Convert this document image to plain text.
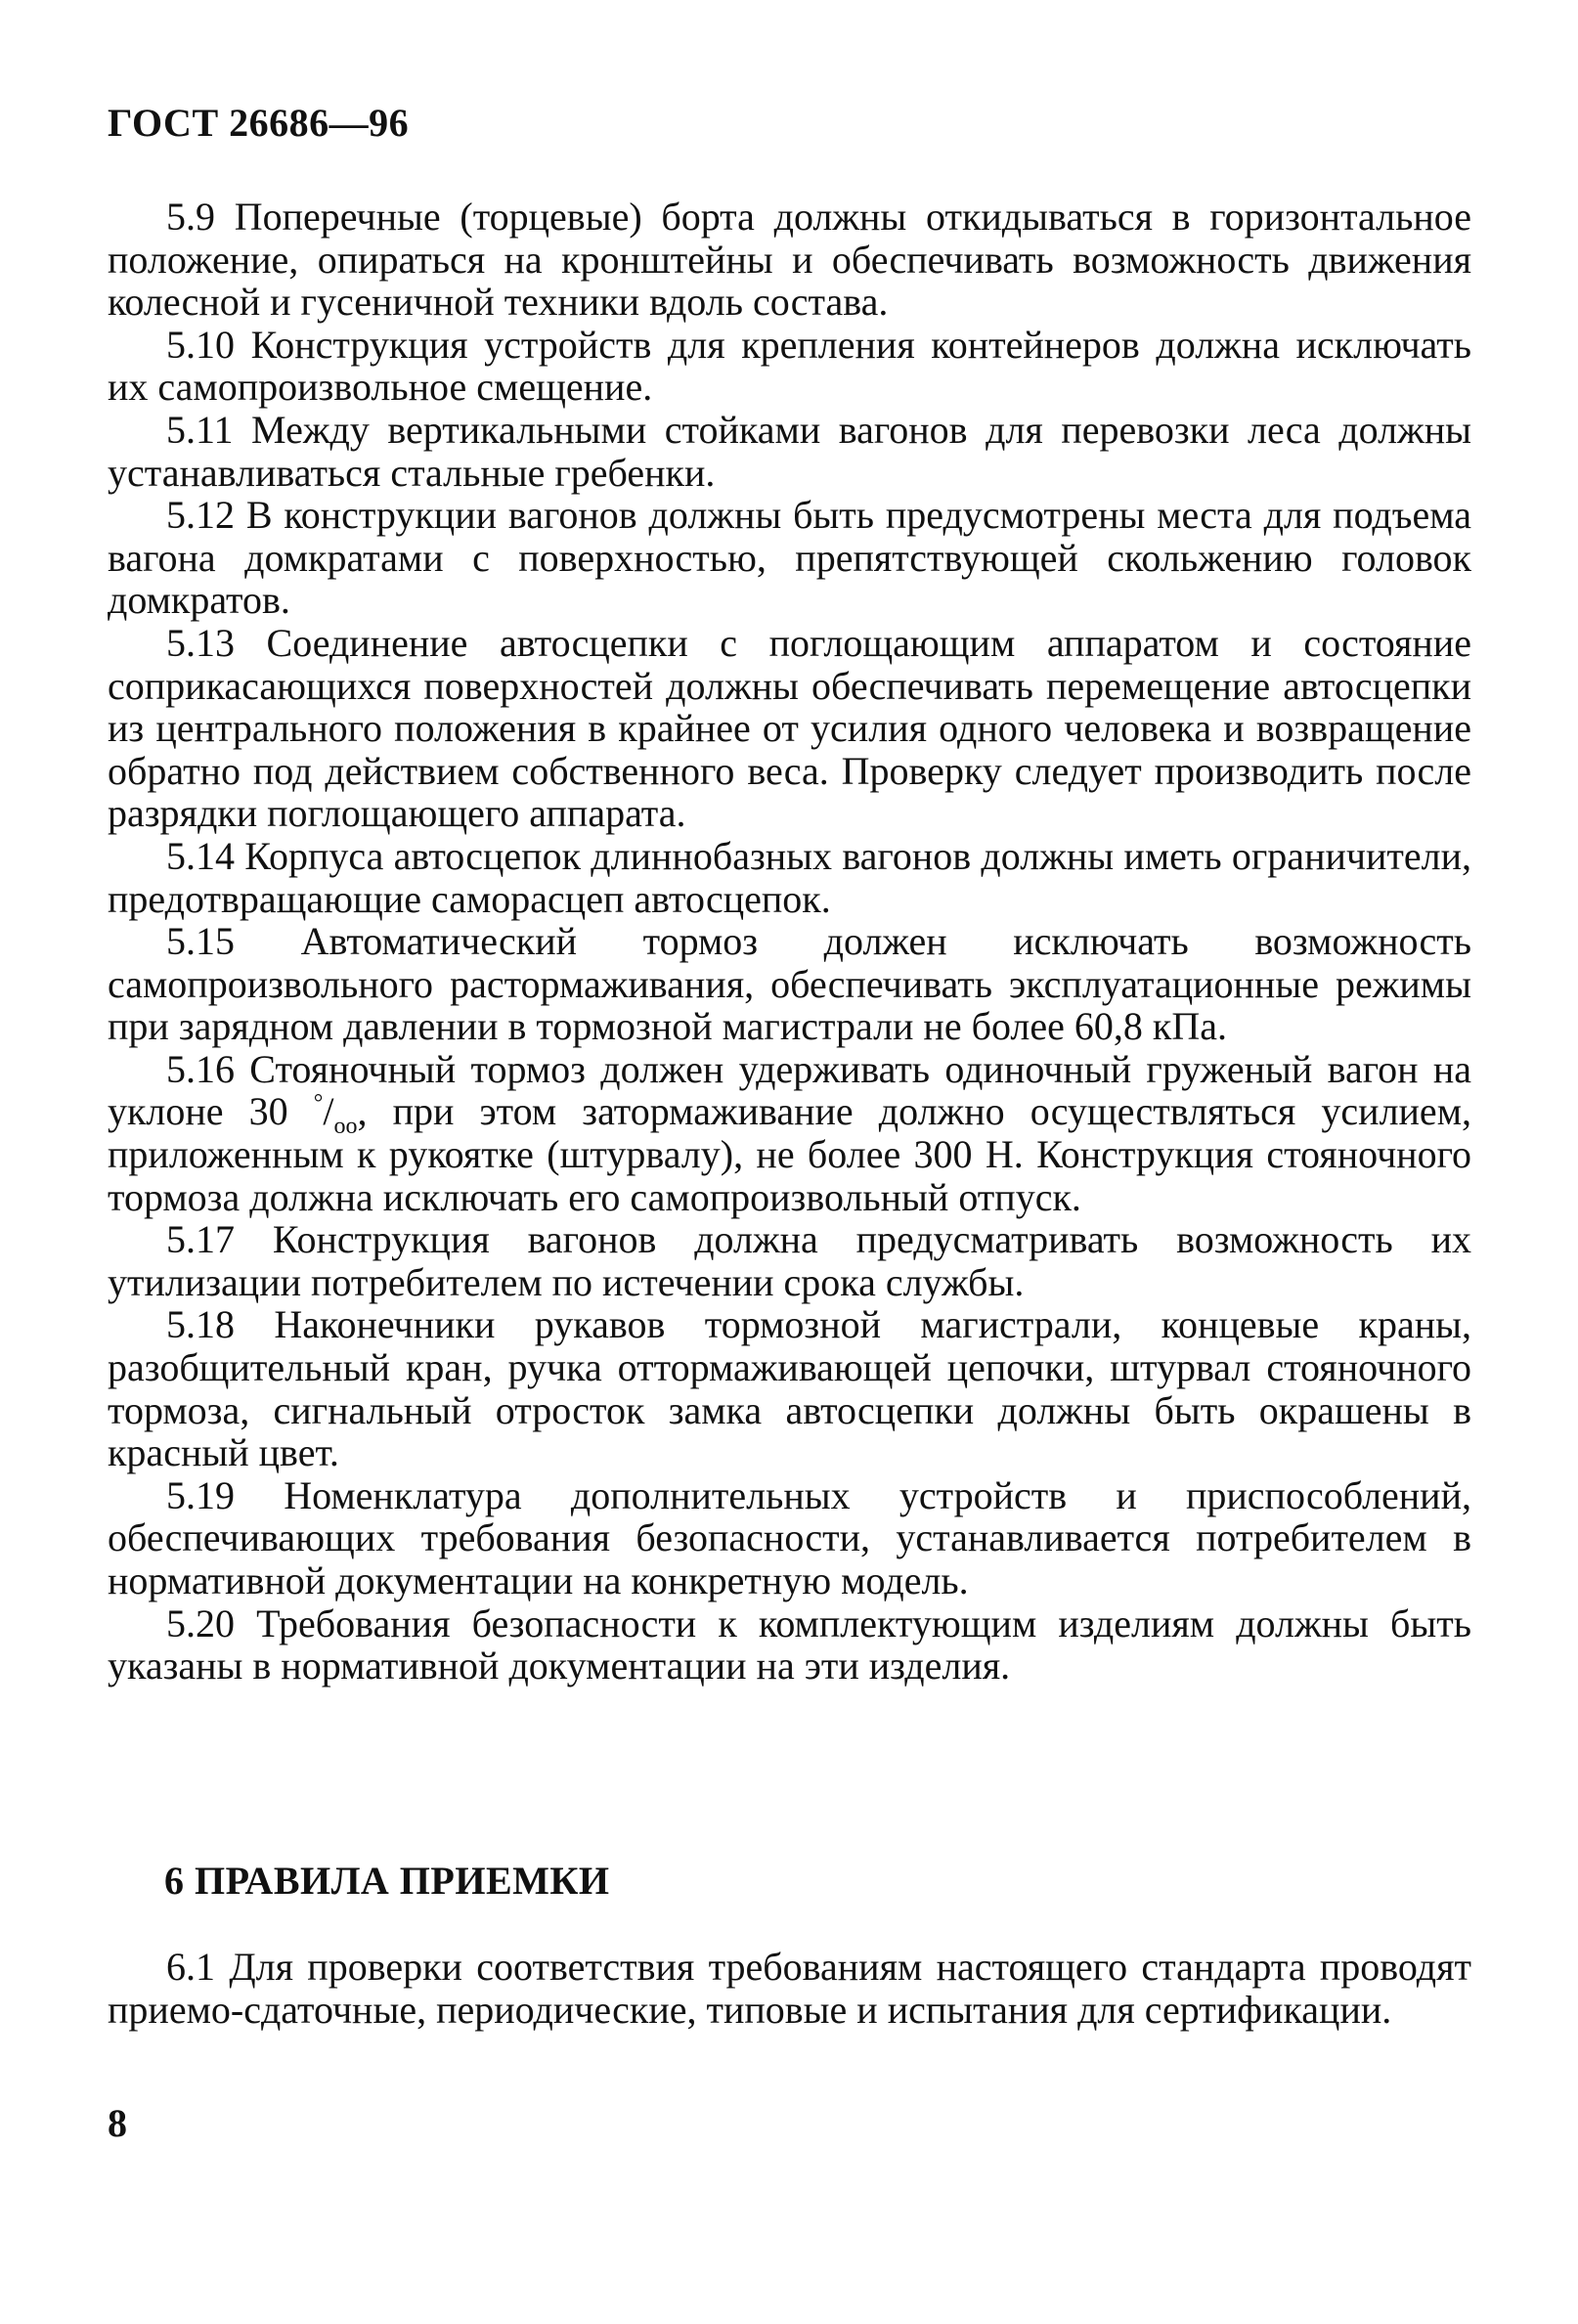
ГОСТ 26686—96

5.9 Поперечные (торцевые) борта должны откидываться в горизонтальное положение, опираться на кронштейны и обеспечивать возможность движения колесной и гусеничной техники вдоль состава.

5.10 Конструкция устройств для крепления контейнеров должна исключать их самопроизвольное смещение.

5.11 Между вертикальными стойками вагонов для перевозки леса должны устанавливаться стальные гребенки.

5.12 В конструкции вагонов должны быть предусмотрены места для подъема вагона домкратами с поверхностью, препятствующей скольжению головок домкратов.

5.13 Соединение автосцепки с поглощающим аппаратом и состояние соприкасающихся поверхностей должны обеспечивать перемещение автосцепки из центрального положения в крайнее от усилия одного человека и возвращение обратно под действием собственного веса. Проверку следует производить после разрядки поглощающего аппарата.

5.14 Корпуса автосцепок длиннобазных вагонов должны иметь ограничители, предотвращающие саморасцеп автосцепок.

5.15 Автоматический тормоз должен исключать возможность самопроизвольного растормаживания, обеспечивать эксплуатационные режимы при зарядном давлении в тормозной магистрали не более 60,8 кПа.

5.16 Стояночный тормоз должен удерживать одиночный груженый вагон на уклоне 30 $^\circ/_{оо}$, при этом затормаживание должно осуществляться усилием, приложенным к рукоятке (штурвалу), не более 300 Н. Конструкция стояночного тормоза должна исключать его самопроизвольный отпуск.

5.17 Конструкция вагонов должна предусматривать возможность их утилизации потребителем по истечении срока службы.

5.18 Наконечники рукавов тормозной магистрали, концевые краны, разобщительный кран, ручка оттормаживающей цепочки, штурвал стояночного тормоза, сигнальный отросток замка автосцепки должны быть окрашены в красный цвет.

5.19 Номенклатура дополнительных устройств и приспособлений, обеспечивающих требования безопасности, устанавливается потребителем в нормативной документации на конкретную модель.

5.20 Требования безопасности к комплектующим изделиям должны быть указаны в нормативной документации на эти изделия.

6 ПРАВИЛА ПРИЕМКИ

6.1 Для проверки соответствия требованиям настоящего стандарта проводят приемо-сдаточные, периодические, типовые и испытания для сертификации.

8
